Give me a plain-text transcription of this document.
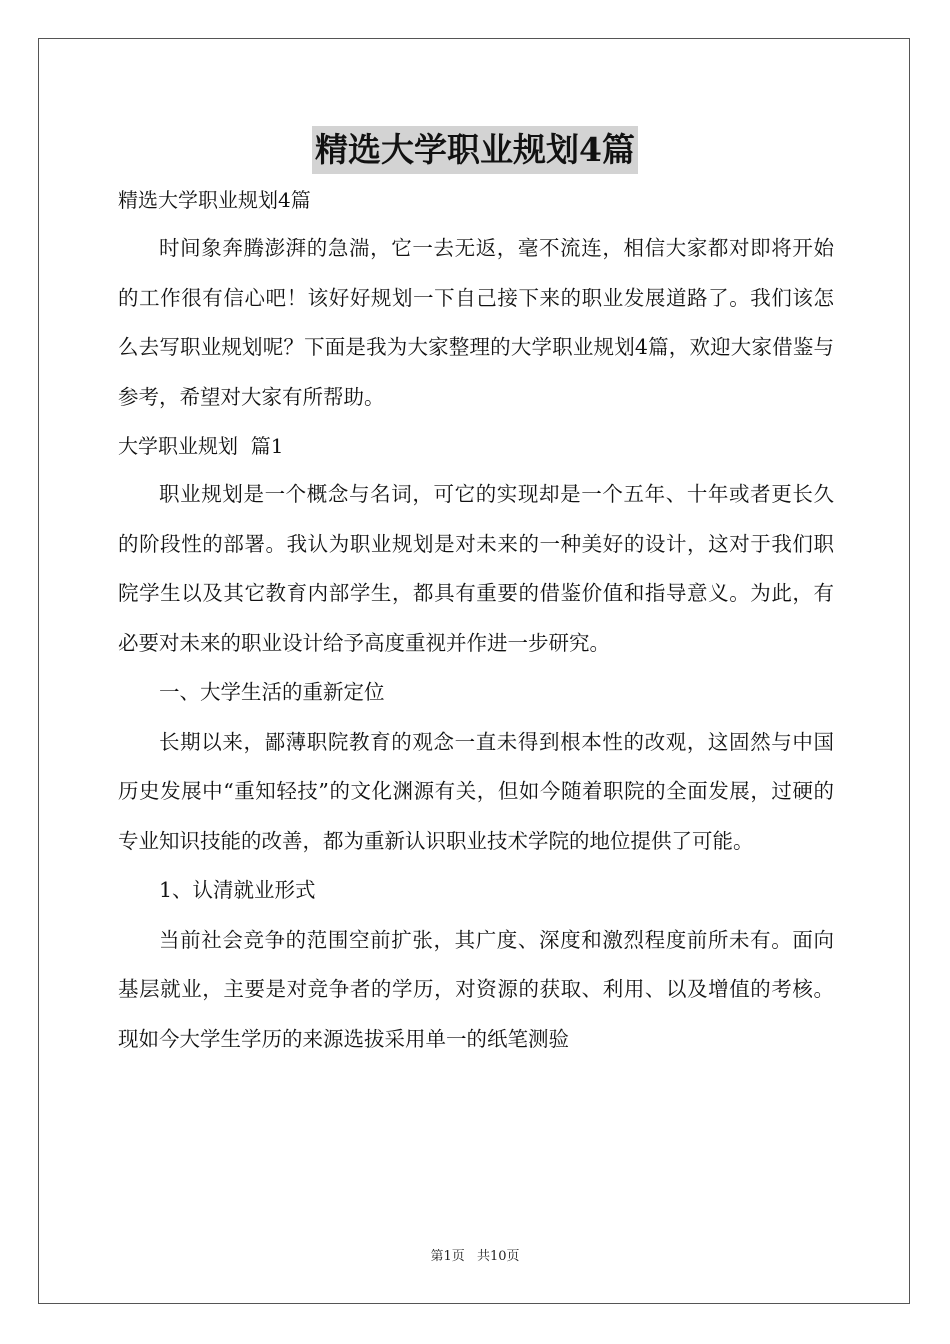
精选大学职业规划4篇
精选大学职业规划4篇

时间象奔腾澎湃的急湍，它一去无返，毫不流连，相信大家都对即将开始的工作很有信心吧！该好好规划一下自己接下来的职业发展道路了。我们该怎么去写职业规划呢？下面是我为大家整理的大学职业规划4篇，欢迎大家借鉴与参考，希望对大家有所帮助。

大学职业规划  篇1

职业规划是一个概念与名词，可它的实现却是一个五年、十年或者更长久的阶段性的部署。我认为职业规划是对未来的一种美好的设计，这对于我们职院学生以及其它教育内部学生，都具有重要的借鉴价值和指导意义。为此，有必要对未来的职业设计给予高度重视并作进一步研究。

一、大学生活的重新定位

长期以来，鄙薄职院教育的观念一直未得到根本性的改观，这固然与中国历史发展中“重知轻技”的文化渊源有关，但如今随着职院的全面发展，过硬的专业知识技能的改善，都为重新认识职业技术学院的地位提供了可能。

1、认清就业形式

当前社会竞争的范围空前扩张，其广度、深度和激烈程度前所未有。面向基层就业，主要是对竞争者的学历，对资源的获取、利用、以及增值的考核。现如今大学生学历的来源选拔采用单一的纸笔测验

第1页 共10页
